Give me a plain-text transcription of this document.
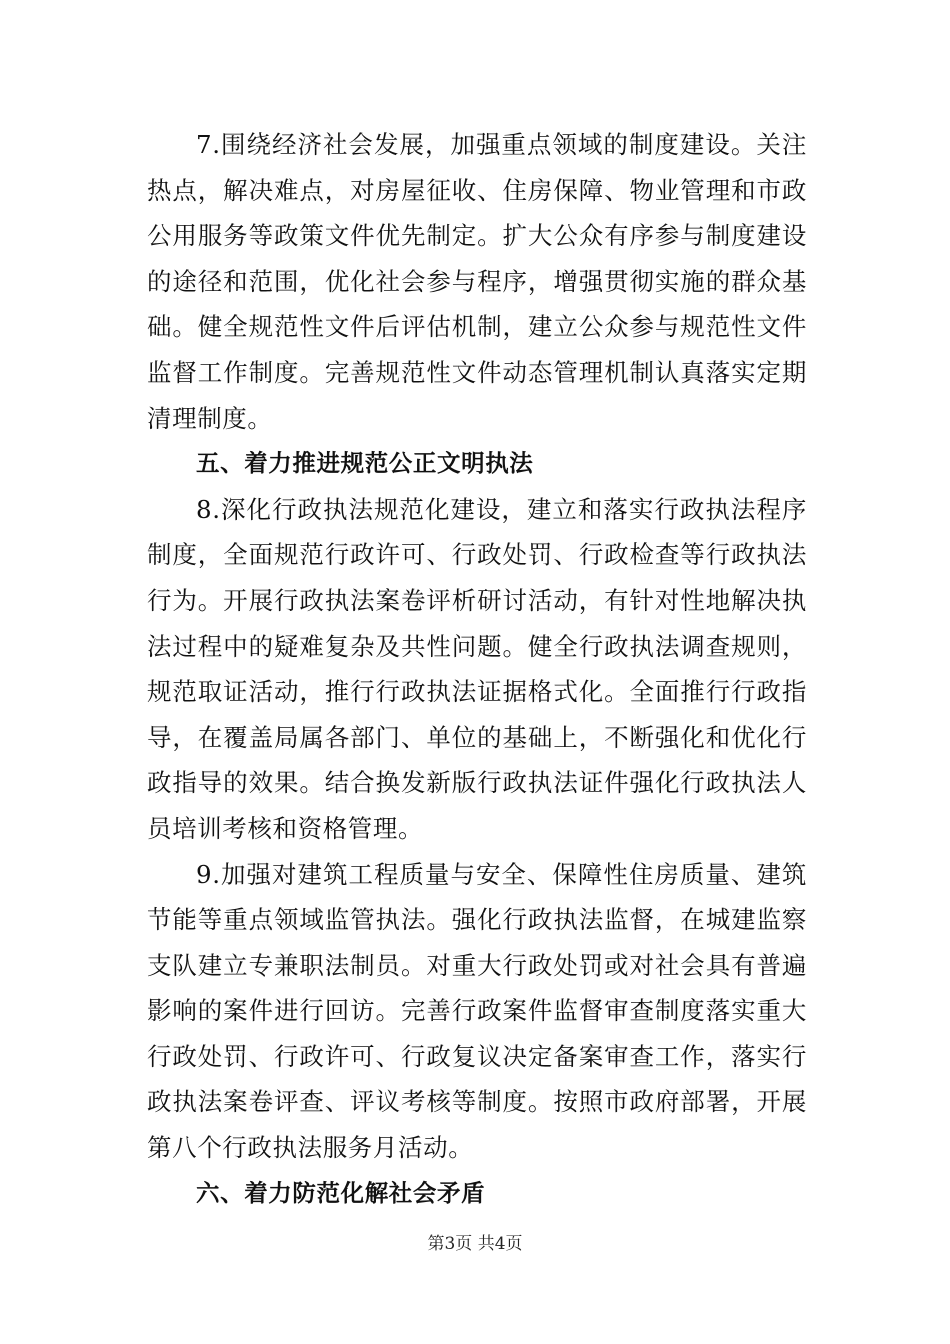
7.围绕经济社会发展，加强重点领域的制度建设。关注热点，解决难点，对房屋征收、住房保障、物业管理和市政公用服务等政策文件优先制定。扩大公众有序参与制度建设的途径和范围，优化社会参与程序，增强贯彻实施的群众基础。健全规范性文件后评估机制，建立公众参与规范性文件监督工作制度。完善规范性文件动态管理机制认真落实定期清理制度。

五、着力推进规范公正文明执法

8.深化行政执法规范化建设，建立和落实行政执法程序制度，全面规范行政许可、行政处罚、行政检查等行政执法行为。开展行政执法案卷评析研讨活动，有针对性地解决执法过程中的疑难复杂及共性问题。健全行政执法调查规则，规范取证活动，推行行政执法证据格式化。全面推行行政指导，在覆盖局属各部门、单位的基础上，不断强化和优化行政指导的效果。结合换发新版行政执法证件强化行政执法人员培训考核和资格管理。

9.加强对建筑工程质量与安全、保障性住房质量、建筑节能等重点领域监管执法。强化行政执法监督，在城建监察支队建立专兼职法制员。对重大行政处罚或对社会具有普遍影响的案件进行回访。完善行政案件监督审查制度落实重大行政处罚、行政许可、行政复议决定备案审查工作，落实行政执法案卷评查、评议考核等制度。按照市政府部署，开展第八个行政执法服务月活动。

六、着力防范化解社会矛盾

第3页 共4页
